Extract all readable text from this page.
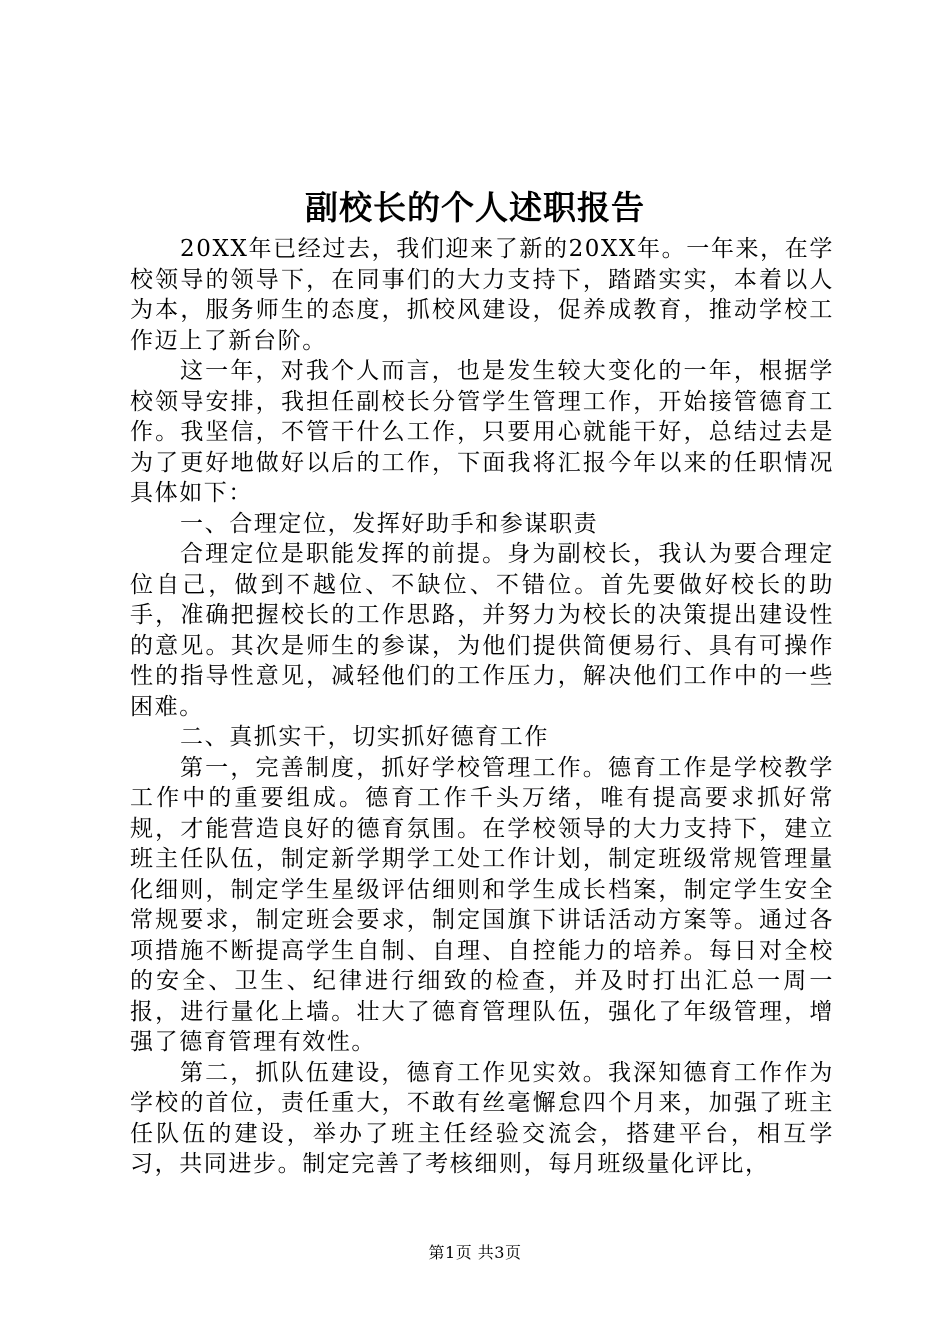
副校长的个人述职报告

20XX年已经过去，我们迎来了新的20XX年。一年来，在学校领导的领导下，在同事们的大力支持下，踏踏实实，本着以人为本，服务师生的态度，抓校风建设，促养成教育，推动学校工作迈上了新台阶。

这一年，对我个人而言，也是发生较大变化的一年，根据学校领导安排，我担任副校长分管学生管理工作，开始接管德育工作。我坚信，不管干什么工作，只要用心就能干好，总结过去是为了更好地做好以后的工作，下面我将汇报今年以来的任职情况具体如下：

一、合理定位，发挥好助手和参谋职责

合理定位是职能发挥的前提。身为副校长，我认为要合理定位自己，做到不越位、不缺位、不错位。首先要做好校长的助手，准确把握校长的工作思路，并努力为校长的决策提出建设性的意见。其次是师生的参谋，为他们提供简便易行、具有可操作性的指导性意见，减轻他们的工作压力，解决他们工作中的一些困难。

二、真抓实干，切实抓好德育工作

第一，完善制度，抓好学校管理工作。德育工作是学校教学工作中的重要组成。德育工作千头万绪，唯有提高要求抓好常规，才能营造良好的德育氛围。在学校领导的大力支持下，建立班主任队伍，制定新学期学工处工作计划，制定班级常规管理量化细则，制定学生星级评估细则和学生成长档案，制定学生安全常规要求，制定班会要求，制定国旗下讲话活动方案等。通过各项措施不断提高学生自制、自理、自控能力的培养。每日对全校的安全、卫生、纪律进行细致的检查，并及时打出汇总一周一报，进行量化上墙。壮大了德育管理队伍，强化了年级管理，增强了德育管理有效性。

第二，抓队伍建设，德育工作见实效。我深知德育工作作为学校的首位，责任重大，不敢有丝毫懈怠四个月来，加强了班主任队伍的建设，举办了班主任经验交流会，搭建平台，相互学习，共同进步。制定完善了考核细则，每月班级量化评比，

第1页 共3页
